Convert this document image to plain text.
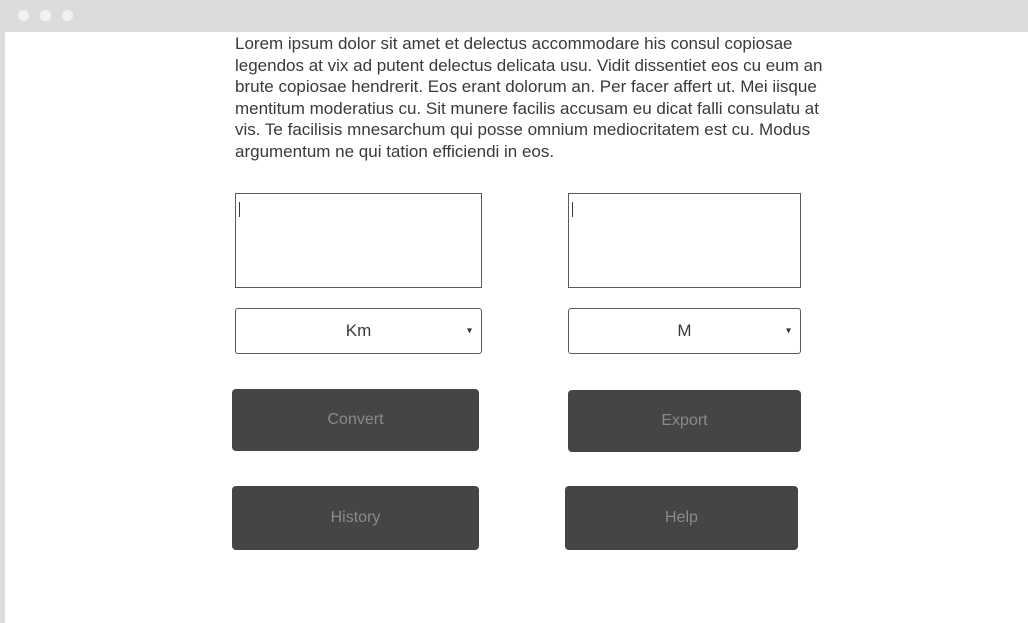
Lorem ipsum dolor sit amet et delectus accommodare his consul copiosae legendos at vix ad putent delectus delicata usu. Vidit dissentiet eos cu eum an brute copiosae hendrerit. Eos erant dolorum an. Per facer affert ut. Mei iisque mentitum moderatius cu. Sit munere facilis accusam eu dicat falli consulatu at vis. Te facilisis mnesarchum qui posse omnium mediocritatem est cu. Modus argumentum ne qui tation efficiendi in eos.

Km	▾	M	▾
Convert	Export
History	Help
